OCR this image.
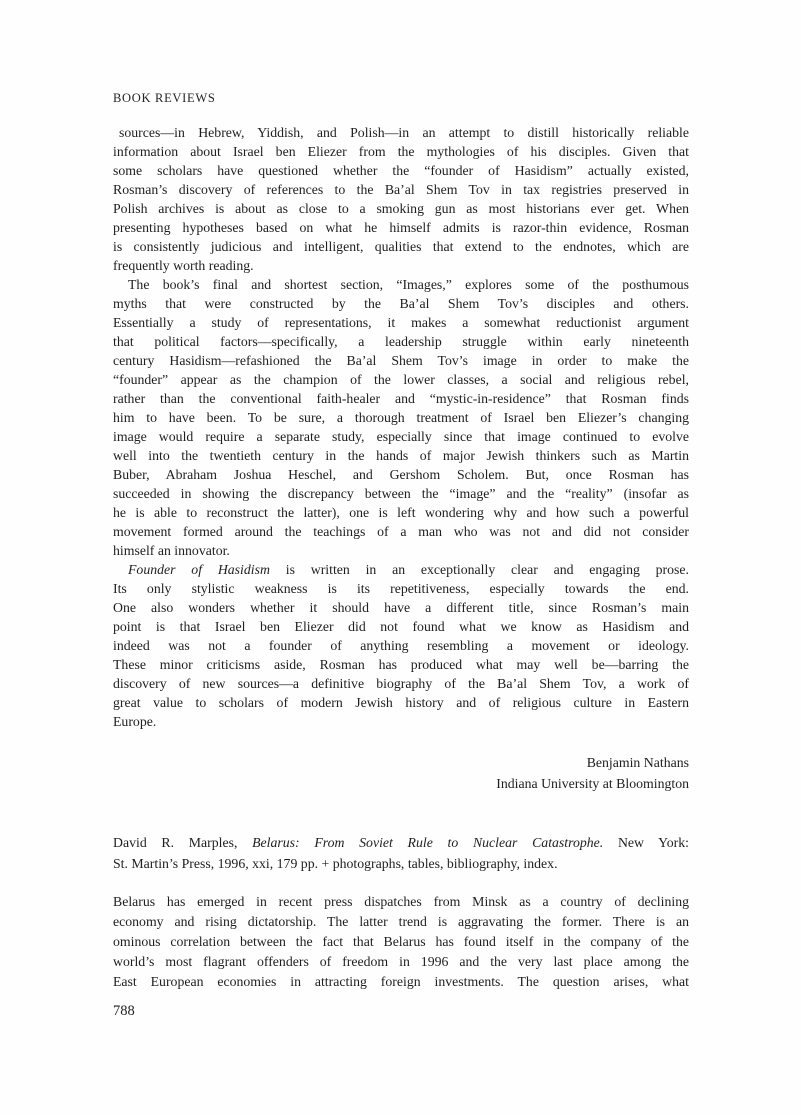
BOOK REVIEWS
sources—in Hebrew, Yiddish, and Polish—in an attempt to distill historically reliable
information about Israel ben Eliezer from the mythologies of his disciples. Given that
some scholars have questioned whether the “founder of Hasidism” actually existed,
Rosman’s discovery of references to the Ba’al Shem Tov in tax registries preserved in
Polish archives is about as close to a smoking gun as most historians ever get. When
presenting hypotheses based on what he himself admits is razor-thin evidence, Rosman
is consistently judicious and intelligent, qualities that extend to the endnotes, which are
frequently worth reading.
The book’s final and shortest section, “Images,” explores some of the posthumous
myths that were constructed by the Ba’al Shem Tov’s disciples and others.
Essentially a study of representations, it makes a somewhat reductionist argument
that political factors—specifically, a leadership struggle within early nineteenth
century Hasidism—refashioned the Ba’al Shem Tov’s image in order to make the
“founder” appear as the champion of the lower classes, a social and religious rebel,
rather than the conventional faith-healer and “mystic-in-residence” that Rosman finds
him to have been. To be sure, a thorough treatment of Israel ben Eliezer’s changing
image would require a separate study, especially since that image continued to evolve
well into the twentieth century in the hands of major Jewish thinkers such as Martin
Buber, Abraham Joshua Heschel, and Gershom Scholem. But, once Rosman has
succeeded in showing the discrepancy between the “image” and the “reality” (insofar as
he is able to reconstruct the latter), one is left wondering why and how such a powerful
movement formed around the teachings of a man who was not and did not consider
himself an innovator.
Founder of Hasidism is written in an exceptionally clear and engaging prose.
Its only stylistic weakness is its repetitiveness, especially towards the end.
One also wonders whether it should have a different title, since Rosman’s main
point is that Israel ben Eliezer did not found what we know as Hasidism and
indeed was not a founder of anything resembling a movement or ideology.
These minor criticisms aside, Rosman has produced what may well be—barring the
discovery of new sources—a definitive biography of the Ba’al Shem Tov, a work of
great value to scholars of modern Jewish history and of religious culture in Eastern
Europe.
Benjamin Nathans
Indiana University at Bloomington
David R. Marples, Belarus: From Soviet Rule to Nuclear Catastrophe. New York:
St. Martin’s Press, 1996, xxi, 179 pp. + photographs, tables, bibliography, index.
Belarus has emerged in recent press dispatches from Minsk as a country of declining
economy and rising dictatorship. The latter trend is aggravating the former. There is an
ominous correlation between the fact that Belarus has found itself in the company of the
world’s most flagrant offenders of freedom in 1996 and the very last place among the
East European economies in attracting foreign investments. The question arises, what
788
